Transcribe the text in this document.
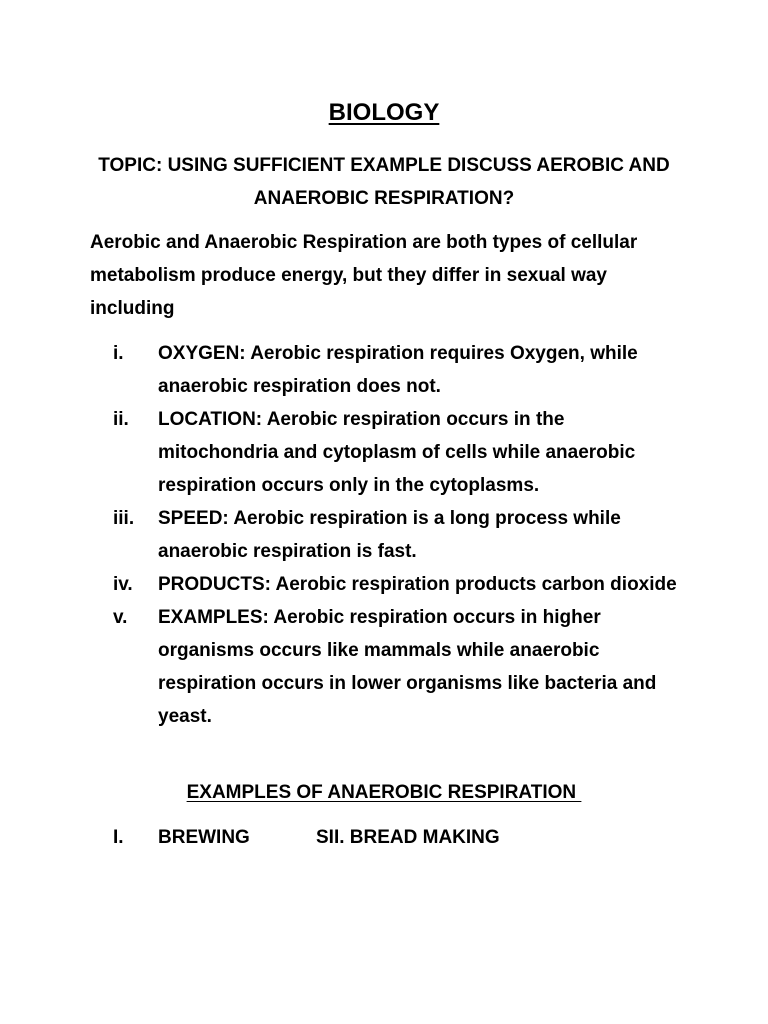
BIOLOGY
TOPIC: USING SUFFICIENT EXAMPLE DISCUSS AEROBIC AND ANAEROBIC RESPIRATION?
Aerobic and Anaerobic Respiration are both types of cellular metabolism produce energy, but they differ in sexual way including
i. OXYGEN: Aerobic respiration requires Oxygen, while anaerobic respiration does not.
ii. LOCATION: Aerobic respiration occurs in the mitochondria and cytoplasm of cells while anaerobic respiration occurs only in the cytoplasms.
iii. SPEED: Aerobic respiration is a long process while anaerobic respiration is fast.
iv. PRODUCTS: Aerobic respiration products carbon dioxide
v. EXAMPLES: Aerobic respiration occurs in higher organisms occurs like mammals while anaerobic respiration occurs in lower organisms like bacteria and yeast.
EXAMPLES OF ANAEROBIC RESPIRATION
I. BREWING	SII. BREAD MAKING
